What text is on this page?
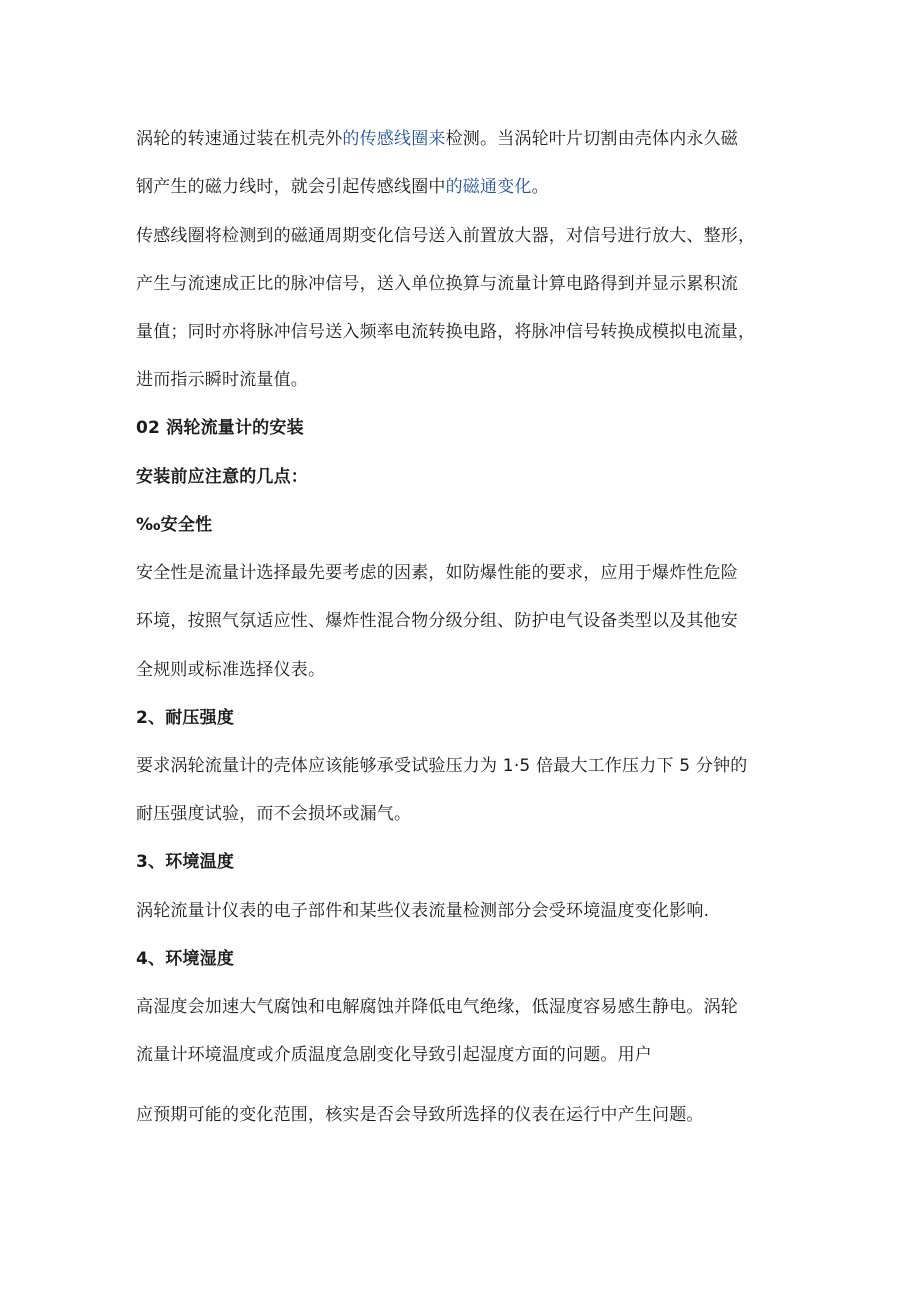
涡轮的转速通过装在机壳外的传感线圈来检测。当涡轮叶片切割由壳体内永久磁
钢产生的磁力线时，就会引起传感线圈中的磁通变化。
传感线圈将检测到的磁通周期变化信号送入前置放大器，对信号进行放大、整形，
产生与流速成正比的脉冲信号，送入单位换算与流量计算电路得到并显示累积流
量值；同时亦将脉冲信号送入频率电流转换电路，将脉冲信号转换成模拟电流量，
进而指示瞬时流量值。
02 涡轮流量计的安装
安装前应注意的几点：
‰安全性
安全性是流量计选择最先要考虑的因素，如防爆性能的要求，应用于爆炸性危险
环境，按照气氛适应性、爆炸性混合物分级分组、防护电气设备类型以及其他安
全规则或标准选择仪表。
2、耐压强度
要求涡轮流量计的壳体应该能够承受试验压力为 1·5 倍最大工作压力下 5 分钟的
耐压强度试验，而不会损坏或漏气。
3、环境温度
涡轮流量计仪表的电子部件和某些仪表流量检测部分会受环境温度变化影响.
4、环境湿度
高湿度会加速大气腐蚀和电解腐蚀并降低电气绝缘，低湿度容易感生静电。涡轮
流量计环境温度或介质温度急剧变化导致引起湿度方面的问题。用户
应预期可能的变化范围，核实是否会导致所选择的仪表在运行中产生问题。
